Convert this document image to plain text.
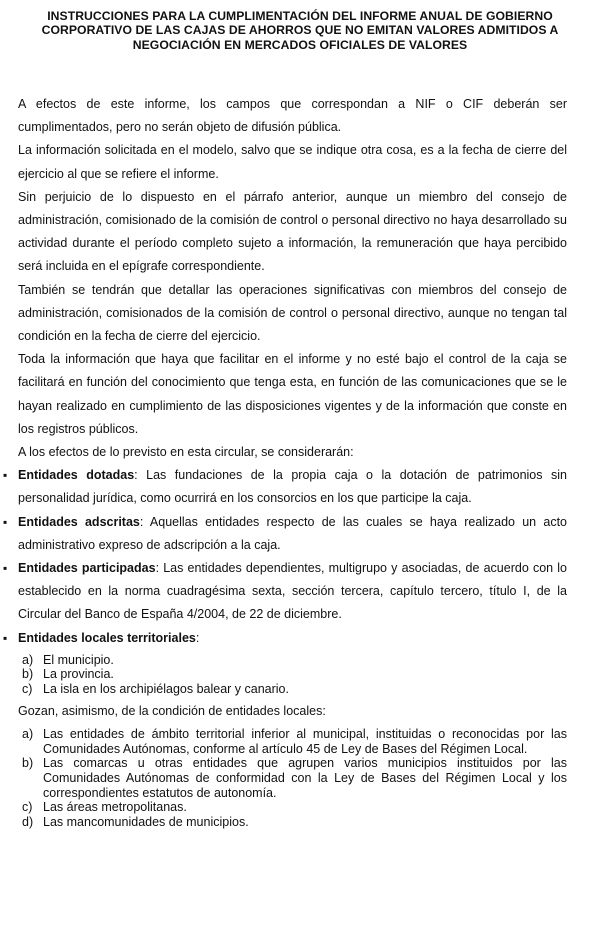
INSTRUCCIONES PARA LA CUMPLIMENTACIÓN DEL INFORME ANUAL DE GOBIERNO CORPORATIVO DE LAS CAJAS DE AHORROS QUE NO EMITAN VALORES ADMITIDOS A NEGOCIACIÓN EN MERCADOS OFICIALES DE VALORES

A efectos de este informe, los campos que correspondan a NIF o CIF deberán ser cumplimentados, pero no serán objeto de difusión pública.

La información solicitada en el modelo, salvo que se indique otra cosa, es a la fecha de cierre del ejercicio al que se refiere el informe.

Sin perjuicio de lo dispuesto en el párrafo anterior, aunque un miembro del consejo de administración, comisionado de la comisión de control o personal directivo no haya desarrollado su actividad durante el período completo sujeto a información, la remuneración que haya percibido será incluida en el epígrafe correspondiente.

También se tendrán que detallar las operaciones significativas con miembros del consejo de administración, comisionados de la comisión de control o personal directivo, aunque no tengan tal condición en la fecha de cierre del ejercicio.

Toda la información que haya que facilitar en el informe y no esté bajo el control de la caja se facilitará en función del conocimiento que tenga esta, en función de las comunicaciones que se le hayan realizado en cumplimiento de las disposiciones vigentes y de la información que conste en los registros públicos.

A los efectos de lo previsto en esta circular, se considerarán:

▪ Entidades dotadas: Las fundaciones de la propia caja o la dotación de patrimonios sin personalidad jurídica, como ocurrirá en los consorcios en los que participe la caja.
▪ Entidades adscritas: Aquellas entidades respecto de las cuales se haya realizado un acto administrativo expreso de adscripción a la caja.
▪ Entidades participadas: Las entidades dependientes, multigrupo y asociadas, de acuerdo con lo establecido en la norma cuadragésima sexta, sección tercera, capítulo tercero, título I, de la Circular del Banco de España 4/2004, de 22 de diciembre.
▪ Entidades locales territoriales:
a) El municipio.
b) La provincia.
c) La isla en los archipiélagos balear y canario.

Gozan, asimismo, de la condición de entidades locales:

a) Las entidades de ámbito territorial inferior al municipal, instituidas o reconocidas por las Comunidades Autónomas, conforme al artículo 45 de Ley de Bases del Régimen Local.
b) Las comarcas u otras entidades que agrupen varios municipios instituidos por las Comunidades Autónomas de conformidad con la Ley de Bases del Régimen Local y los correspondientes estatutos de autonomía.
c) Las áreas metropolitanas.
d) Las mancomunidades de municipios.
